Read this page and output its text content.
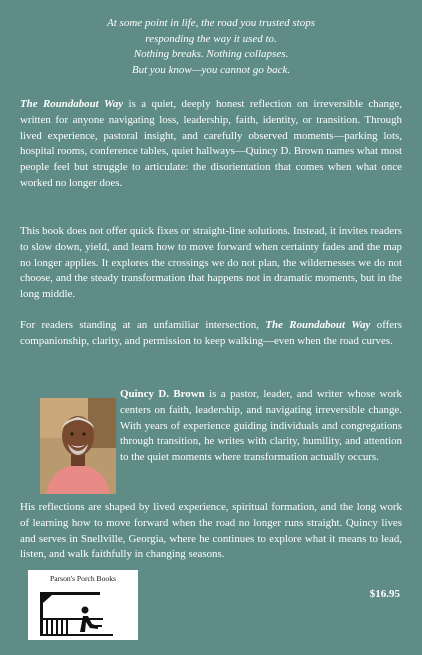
At some point in life, the road you trusted stops
responding the way it used to.
Nothing breaks. Nothing collapses.
But you know—you cannot go back.

The Roundabout Way is a quiet, deeply honest reflection on irreversible change, written for anyone navigating loss, leadership, faith, identity, or transition. Through lived experience, pastoral insight, and carefully observed moments—parking lots, hospital rooms, conference tables, quiet hallways—Quincy D. Brown names what most people feel but struggle to articulate: the disorientation that comes when what once worked no longer does.

This book does not offer quick fixes or straight-line solutions. Instead, it invites readers to slow down, yield, and learn how to move forward when certainty fades and the map no longer applies. It explores the crossings we do not plan, the wildernesses we do not choose, and the steady transformation that happens not in dramatic moments, but in the long middle.

For readers standing at an unfamiliar intersection, The Roundabout Way offers companionship, clarity, and permission to keep walking—even when the road curves.

Quincy D. Brown is a pastor, leader, and writer whose work centers on faith, leadership, and navigating irreversible change. With years of experience guiding individuals and congregations through transition, he writes with clarity, humility, and attention to the quiet moments where transformation actually occurs.

His reflections are shaped by lived experience, spiritual formation, and the long work of learning how to move forward when the road no longer runs straight. Quincy lives and serves in Snellville, Georgia, where he continues to explore what it means to lead, listen, and walk faithfully in changing seasons.

Parson's Porch Books
$16.95
